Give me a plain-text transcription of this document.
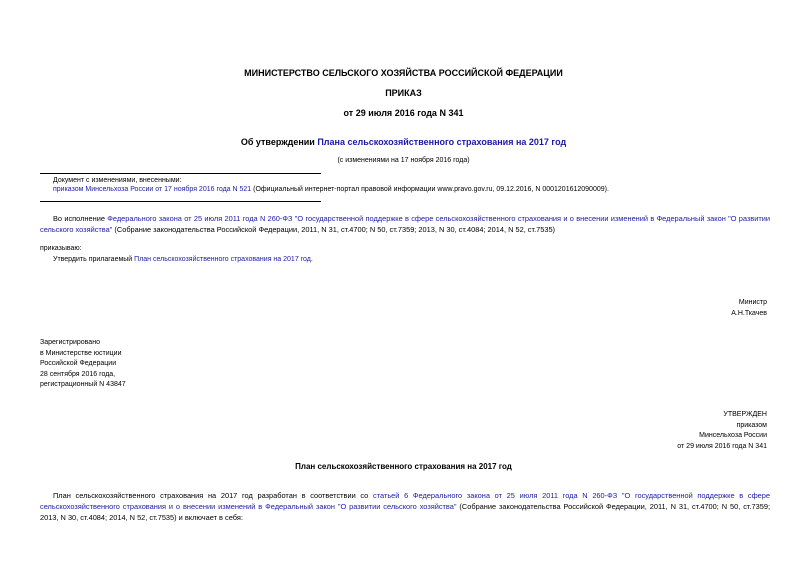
МИНИСТЕРСТВО СЕЛЬСКОГО ХОЗЯЙСТВА РОССИЙСКОЙ ФЕДЕРАЦИИ
ПРИКАЗ
от 29 июля 2016 года N 341
Об утверждении Плана сельскохозяйственного страхования на 2017 год
(с изменениями на 17 ноября 2016 года)
Документ с изменениями, внесенными:
приказом Минсельхоза России от 17 ноября 2016 года N 521 (Официальный интернет-портал правовой информации www.pravo.gov.ru, 09.12.2016, N 0001201612090009).
Во исполнение Федерального закона от 25 июля 2011 года N 260-ФЗ "О государственной поддержке в сфере сельскохозяйственного страхования и о внесении изменений в Федеральный закон "О развитии сельского хозяйства" (Собрание законодательства Российской Федерации, 2011, N 31, ст.4700; N 50, ст.7359; 2013, N 30, ст.4084; 2014, N 52, ст.7535)
приказываю:
Утвердить прилагаемый План сельскохозяйственного страхования на 2017 год.
Министр
А.Н.Ткачев
Зарегистрировано
в Министерстве юстиции
Российской Федерации
28 сентября 2016 года,
регистрационный N 43847
УТВЕРЖДЕН
приказом
Минсельхоза России
от 29 июля 2016 года N 341
План сельскохозяйственного страхования на 2017 год
План сельскохозяйственного страхования на 2017 год разработан в соответствии со статьей 6 Федерального закона от 25 июля 2011 года N 260-ФЗ "О государственной поддержке в сфере сельскохозяйственного страхования и о внесении изменений в Федеральный закон "О развитии сельского хозяйства" (Собрание законодательства Российской Федерации, 2011, N 31, ст.4700; N 50, ст.7359; 2013, N 30, ст.4084; 2014, N 52, ст.7535) и включает в себя:
